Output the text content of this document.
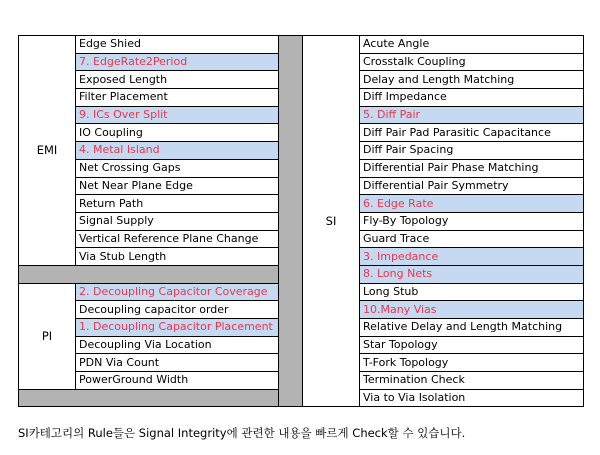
EMI	Edge Shied		SI	Acute Angle
	7. EdgeRate2Period			Crosstalk Coupling
	Exposed Length			Delay and Length Matching
	Filter Placement			Diff Impedance
	9. ICs Over Split			5. Diff Pair
	IO Coupling			Diff Pair Pad Parasitic Capacitance
	4. Metal Island			Diff Pair Spacing
	Net Crossing Gaps			Differential Pair Phase Matching
	Net Near Plane Edge			Differential Pair Symmetry
	Return Path			6. Edge Rate
	Signal Supply			Fly-By Topology
	Vertical Reference Plane Change			Guard Trace
	Via Stub Length			3. Impedance
				8. Long Nets
PI	2. Decoupling Capacitor Coverage			Long Stub
	Decoupling capacitor order			10.Many Vias
	1. Decoupling Capacitor Placement			Relative Delay and Length Matching
	Decoupling Via Location			Star Topology
	PDN Via Count			T-Fork Topology
	PowerGround Width			Termination Check
				Via to Via Isolation
SI카테고리의 Rule들은 Signal Integrity에 관련한 내용을 빠르게 Check할 수 있습니다.
